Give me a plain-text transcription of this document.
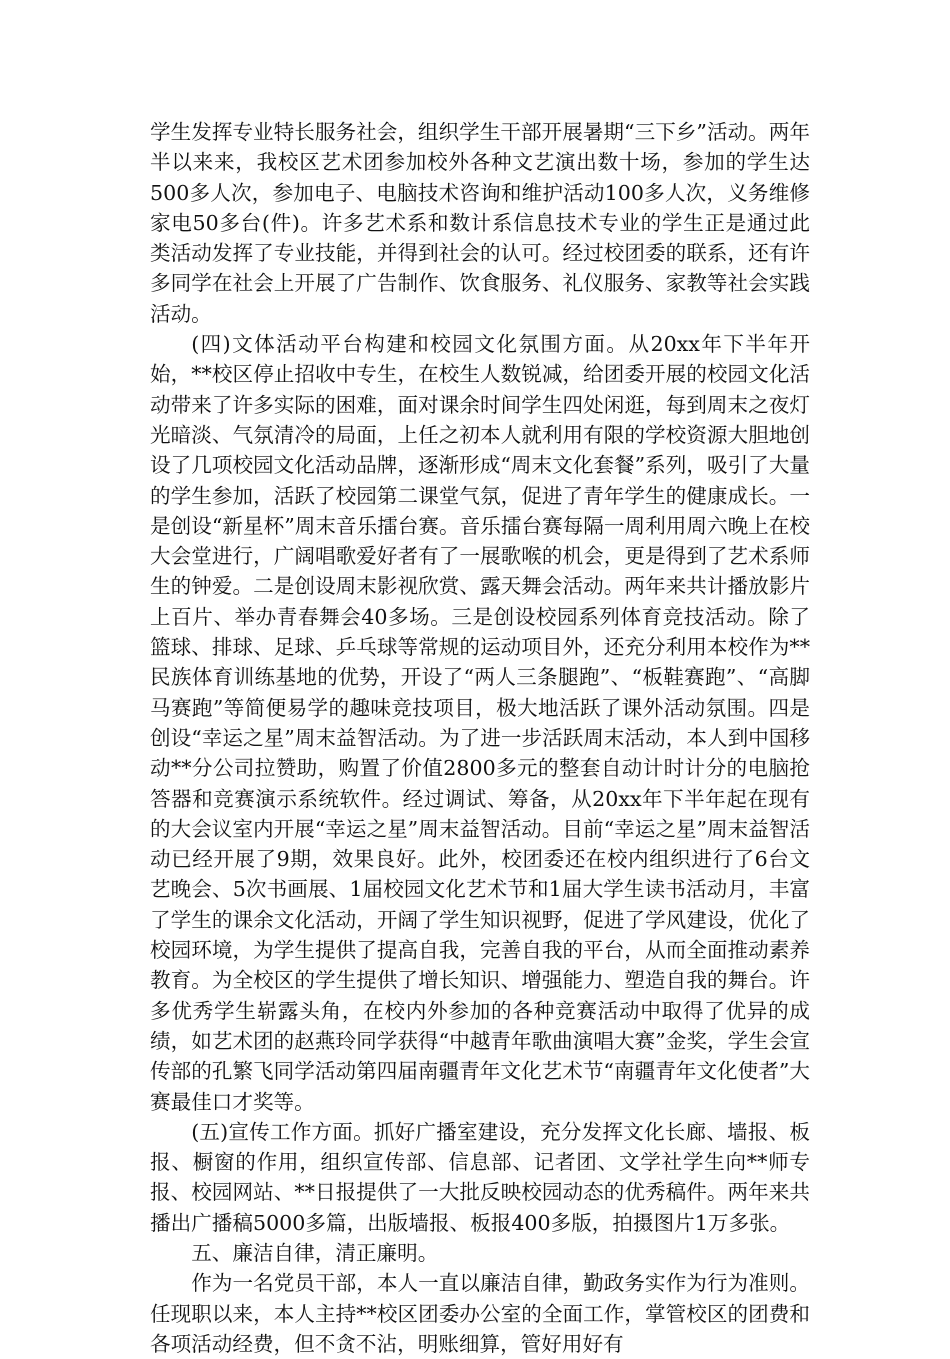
学生发挥专业特长服务社会，组织学生干部开展暑期“三下乡”活动。两年半以来来，我校区艺术团参加校外各种文艺演出数十场，参加的学生达500多人次，参加电子、电脑技术咨询和维护活动100多人次，义务维修家电50多台(件)。许多艺术系和数计系信息技术专业的学生正是通过此类活动发挥了专业技能，并得到社会的认可。经过校团委的联系，还有许多同学在社会上开展了广告制作、饮食服务、礼仪服务、家教等社会实践活动。

(四)文体活动平台构建和校园文化氛围方面。从20xx年下半年开始，**校区停止招收中专生，在校生人数锐减，给团委开展的校园文化活动带来了许多实际的困难，面对课余时间学生四处闲逛，每到周末之夜灯光暗淡、气氛清冷的局面，上任之初本人就利用有限的学校资源大胆地创设了几项校园文化活动品牌，逐渐形成“周末文化套餐”系列，吸引了大量的学生参加，活跃了校园第二课堂气氛，促进了青年学生的健康成长。一是创设“新星杯”周末音乐擂台赛。音乐擂台赛每隔一周利用周六晚上在校大会堂进行，广阔唱歌爱好者有了一展歌喉的机会，更是得到了艺术系师生的钟爱。二是创设周末影视欣赏、露天舞会活动。两年来共计播放影片上百片、举办青春舞会40多场。三是创设校园系列体育竞技活动。除了篮球、排球、足球、乒乓球等常规的运动项目外，还充分利用本校作为**民族体育训练基地的优势，开设了“两人三条腿跑”、“板鞋赛跑”、“高脚马赛跑”等简便易学的趣味竞技项目，极大地活跃了课外活动氛围。四是创设“幸运之星”周末益智活动。为了进一步活跃周末活动，本人到中国移动**分公司拉赞助，购置了价值2800多元的整套自动计时计分的电脑抢答器和竞赛演示系统软件。经过调试、筹备，从20xx年下半年起在现有的大会议室内开展“幸运之星”周末益智活动。目前“幸运之星”周末益智活动已经开展了9期，效果良好。此外，校团委还在校内组织进行了6台文艺晚会、5次书画展、1届校园文化艺术节和1届大学生读书活动月，丰富了学生的课余文化活动，开阔了学生知识视野，促进了学风建设，优化了校园环境，为学生提供了提高自我，完善自我的平台，从而全面推动素养教育。为全校区的学生提供了增长知识、增强能力、塑造自我的舞台。许多优秀学生崭露头角，在校内外参加的各种竞赛活动中取得了优异的成绩，如艺术团的赵燕玲同学获得“中越青年歌曲演唱大赛”金奖，学生会宣传部的孔繁飞同学活动第四届南疆青年文化艺术节“南疆青年文化使者”大赛最佳口才奖等。

(五)宣传工作方面。抓好广播室建设，充分发挥文化长廊、墙报、板报、橱窗的作用，组织宣传部、信息部、记者团、文学社学生向**师专报、校园网站、**日报提供了一大批反映校园动态的优秀稿件。两年来共播出广播稿5000多篇，出版墙报、板报400多版，拍摄图片1万多张。

五、廉洁自律，清正廉明。

作为一名党员干部，本人一直以廉洁自律，勤政务实作为行为准则。任现职以来，本人主持**校区团委办公室的全面工作，掌管校区的团费和各项活动经费，但不贪不沾，明账细算，管好用好有
